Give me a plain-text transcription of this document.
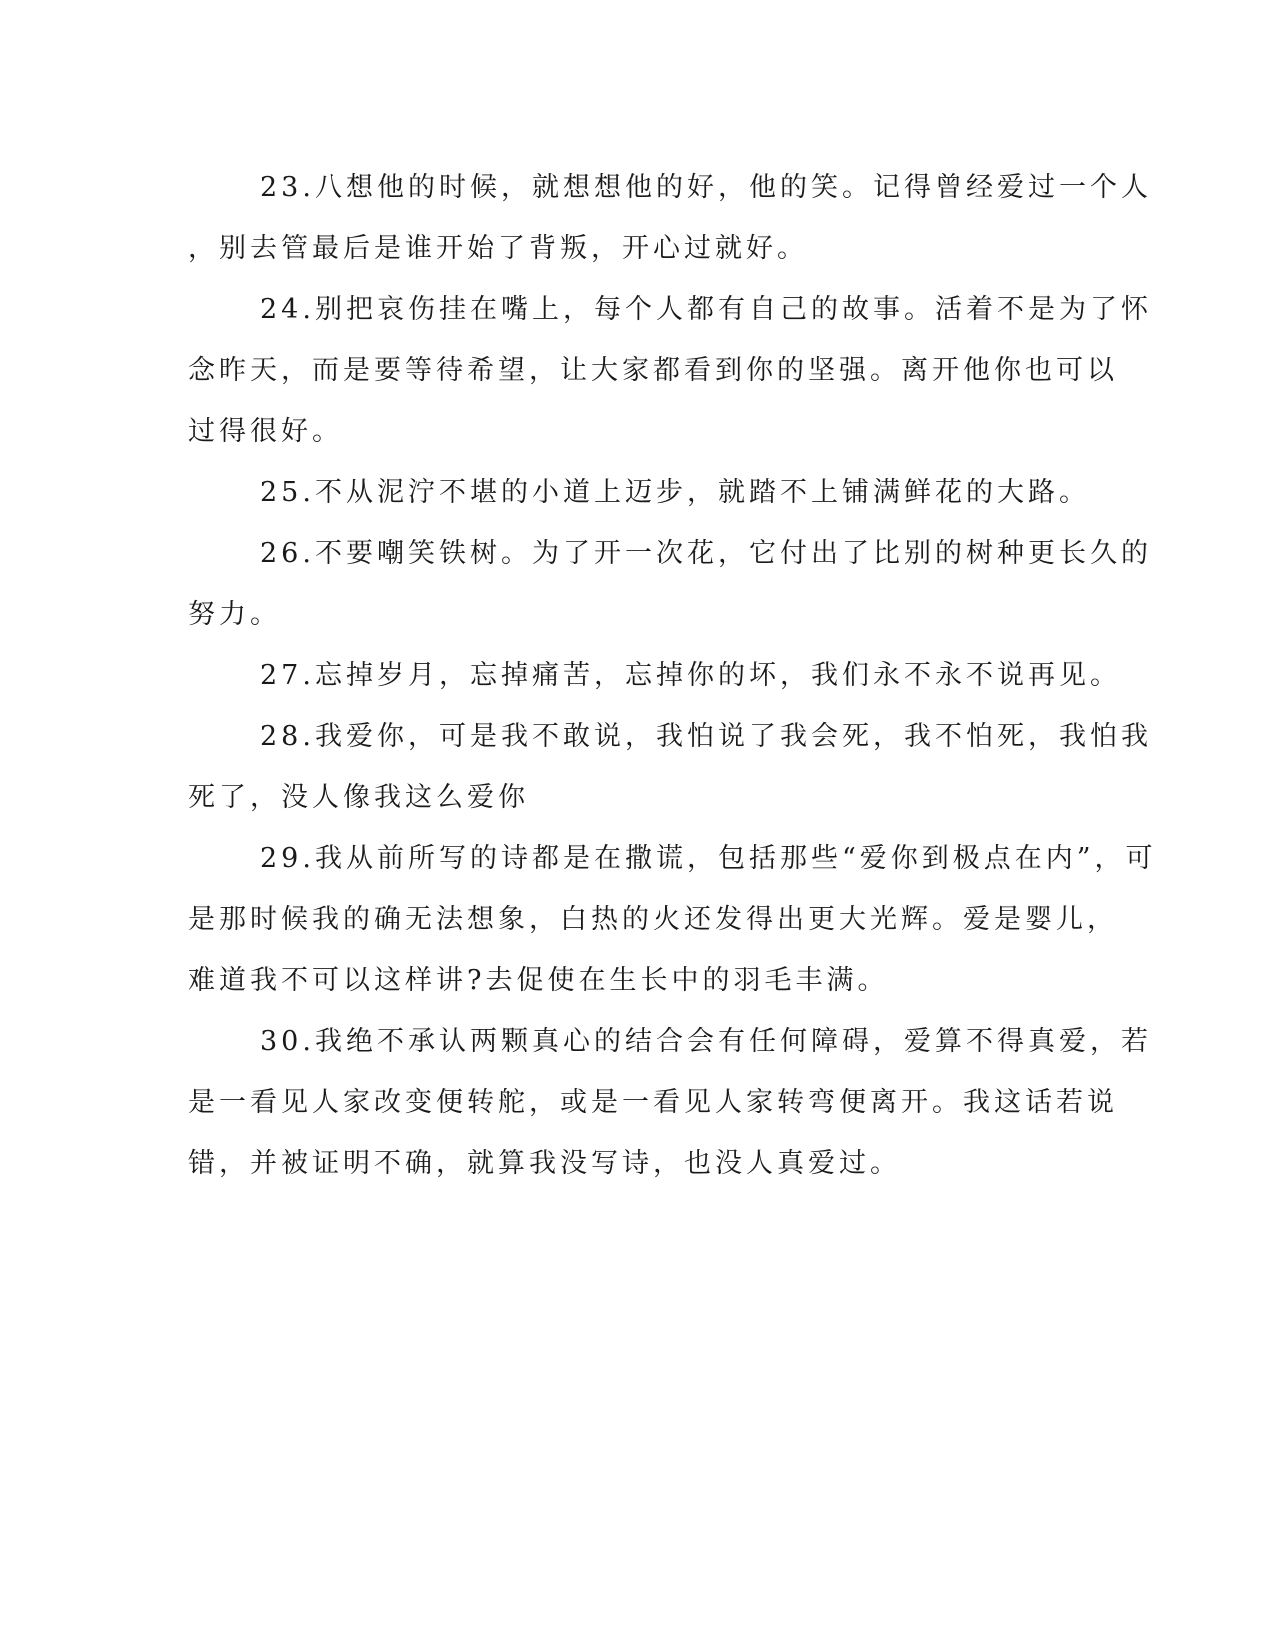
23.八想他的时候，就想想他的好，他的笑。记得曾经爱过一个人
，别去管最后是谁开始了背叛，开心过就好。
24.别把哀伤挂在嘴上，每个人都有自己的故事。活着不是为了怀
念昨天，而是要等待希望，让大家都看到你的坚强。离开他你也可以
过得很好。
25.不从泥泞不堪的小道上迈步，就踏不上铺满鲜花的大路。
26.不要嘲笑铁树。为了开一次花，它付出了比别的树种更长久的
努力。
27.忘掉岁月，忘掉痛苦，忘掉你的坏，我们永不永不说再见。
28.我爱你，可是我不敢说，我怕说了我会死，我不怕死，我怕我
死了，没人像我这么爱你
29.我从前所写的诗都是在撒谎，包括那些“爱你到极点在内”，可
是那时候我的确无法想象，白热的火还发得出更大光辉。爱是婴儿，
难道我不可以这样讲?去促使在生长中的羽毛丰满。
30.我绝不承认两颗真心的结合会有任何障碍，爱算不得真爱，若
是一看见人家改变便转舵，或是一看见人家转弯便离开。我这话若说
错，并被证明不确，就算我没写诗，也没人真爱过。
